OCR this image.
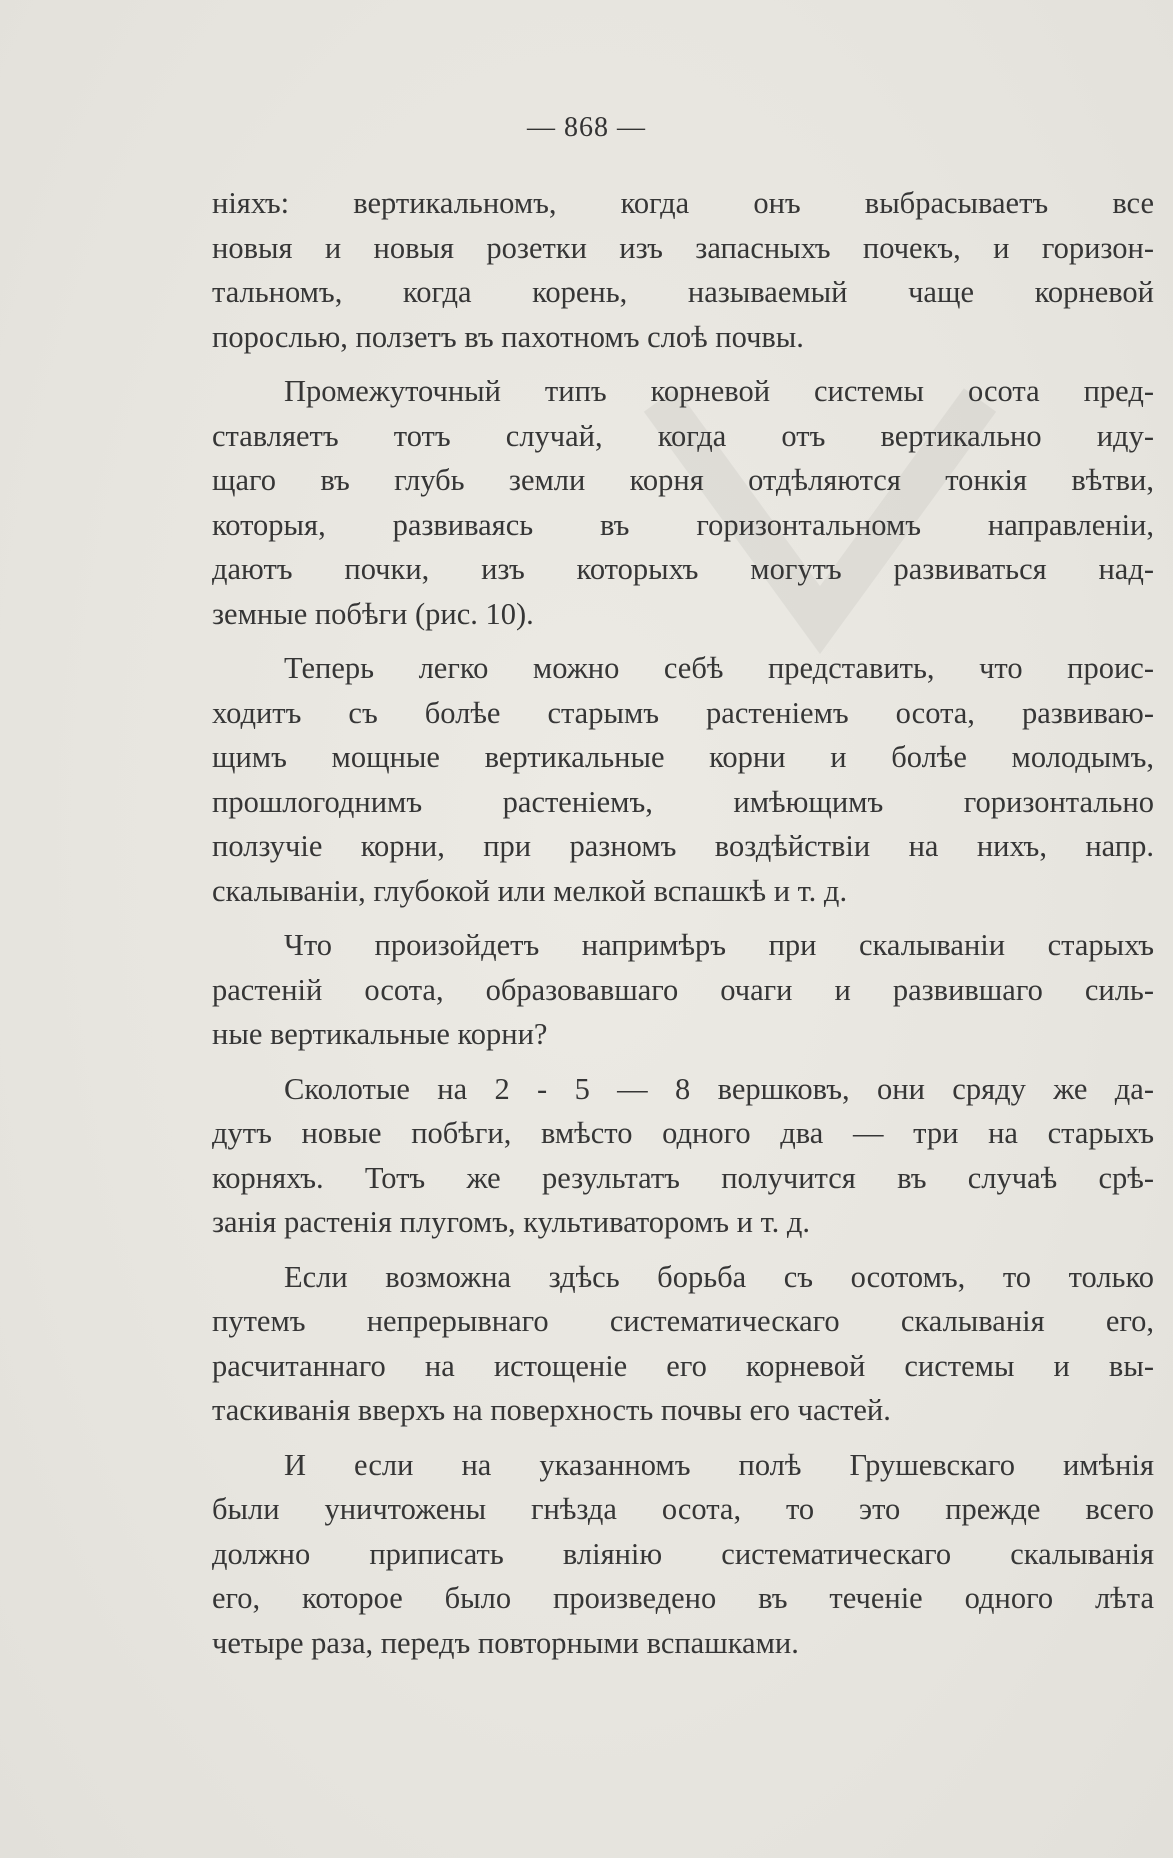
— 868 —
ніяхъ: вертикальномъ, когда онъ выбрасываетъ все
новыя и новыя розетки изъ запасныхъ почекъ, и горизон-
тальномъ, когда корень, называемый чаще корневой
порослью, ползетъ въ пахотномъ слоѣ почвы.
Промежуточный типъ корневой системы осота пред-
ставляетъ тотъ случай, когда отъ вертикально иду-
щаго въ глубь земли корня отдѣляются тонкія вѣтви,
которыя, развиваясь въ горизонтальномъ направленіи,
даютъ почки, изъ которыхъ могутъ развиваться над-
земные побѣги (рис. 10).
Теперь легко можно себѣ представить, что проис-
ходитъ съ болѣе старымъ растеніемъ осота, развиваю-
щимъ мощные вертикальные корни и болѣе молодымъ,
прошлогоднимъ растеніемъ, имѣющимъ горизонтально
ползучіе корни, при разномъ воздѣйствіи на нихъ, напр.
скалываніи, глубокой или мелкой вспашкѣ и т. д.
Что произойдетъ напримѣръ при скалываніи старыхъ
растеній осота, образовавшаго очаги и развившаго силь-
ные вертикальные корни?
Сколотые на 2 - 5 — 8 вершковъ, они сряду же да-
дутъ новые побѣги, вмѣсто одного два — три на старыхъ
корняхъ. Тотъ же результатъ получится въ случаѣ срѣ-
занія растенія плугомъ, культиваторомъ и т. д.
Если возможна здѣсь борьба съ осотомъ, то только
путемъ непрерывнаго систематическаго скалыванія его,
расчитаннаго на истощеніе его корневой системы и вы-
таскиванія вверхъ на поверхность почвы его частей.
И если на указанномъ полѣ Грушевскаго имѣнія
были уничтожены гнѣзда осота, то это прежде всего
должно приписать вліянію систематическаго скалыванія
его, которое было произведено въ теченіе одного лѣта
четыре раза, передъ повторными вспашками.
